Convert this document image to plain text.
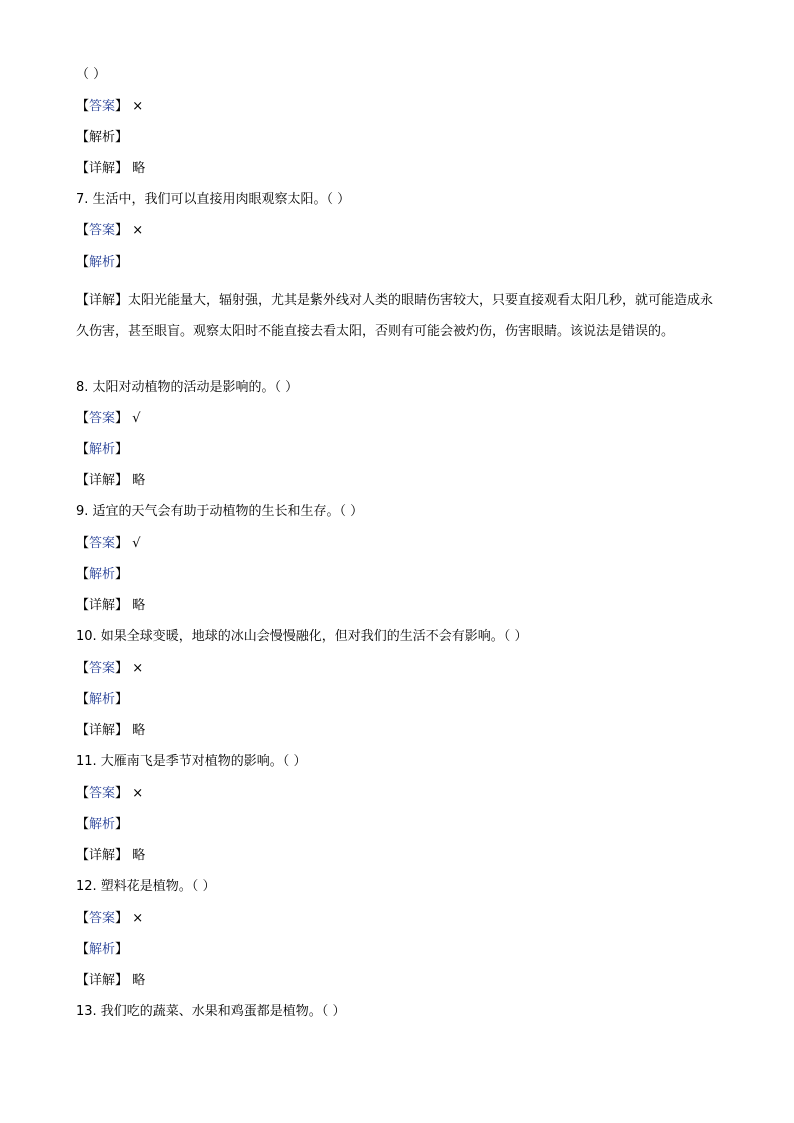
（ ）
【答案】 ×
【解析】
【详解】 略
7. 生活中，我们可以直接用肉眼观察太阳。（ ）
【答案】 ×
【解析】
【详解】太阳光能量大，辐射强，尤其是紫外线对人类的眼睛伤害较大，只要直接观看太阳几秒，就可能造成永久伤害，甚至眼盲。观察太阳时不能直接去看太阳，否则有可能会被灼伤，伤害眼睛。该说法是错误的。
8. 太阳对动植物的活动是影响的。（ ）
【答案】 √
【解析】
【详解】 略
9. 适宜的天气会有助于动植物的生长和生存。（ ）
【答案】 √
【解析】
【详解】 略
10. 如果全球变暖，地球的冰山会慢慢融化，但对我们的生活不会有影响。（ ）
【答案】 ×
【解析】
【详解】 略
11. 大雁南飞是季节对植物的影响。（ ）
【答案】 ×
【解析】
【详解】 略
12. 塑料花是植物。（ ）
【答案】 ×
【解析】
【详解】 略
13. 我们吃的蔬菜、水果和鸡蛋都是植物。（ ）
